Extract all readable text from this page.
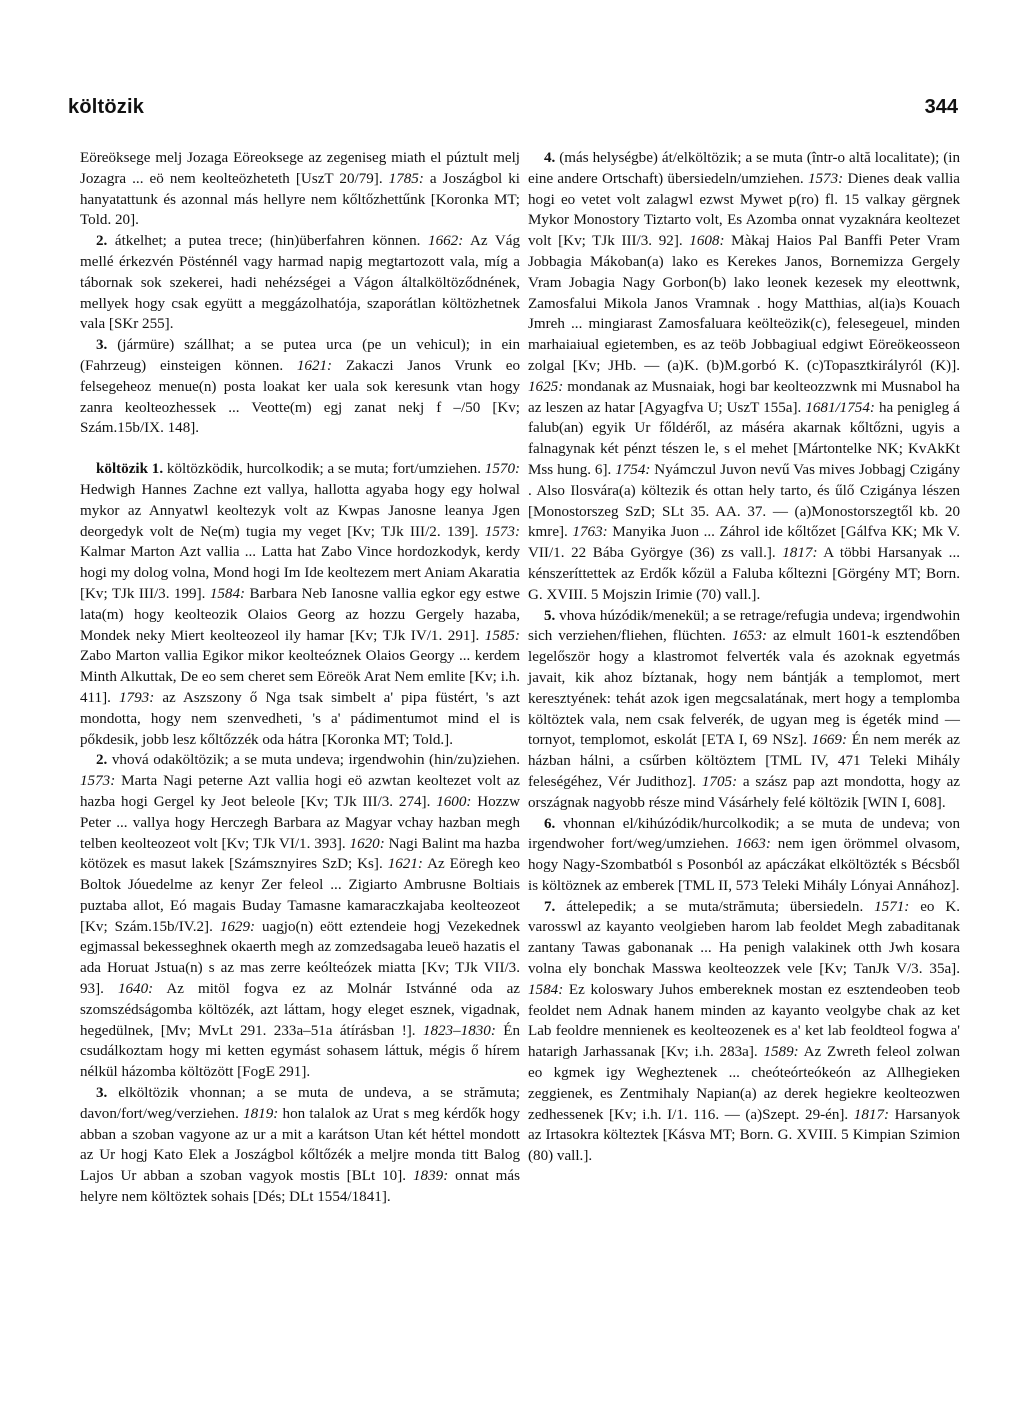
költözik	344

Eöreöksege melj Jozaga Eöreoksege az zegeniseg miath el púztult melj Jozagra ... eö nem keolteözheteth [UszT 20/79]. 1785: a Joszágbol ki hanyatattunk és azonnal más hellyre nem kőltőzhettűnk [Koronka MT; Told. 20].

2. átkelhet; a putea trece; (hin)überfahren können. 1662: Az Vág mellé érkezvén Pösténnél vagy harmad napig megtartozott vala, míg a tábornak sok szekerei, hadi nehézségei a Vágon általköltöződnének, mellyek hogy csak együtt a meggázolhatója, szaporátlan költözhetnek vala [SKr 255].

3. (jármüre) szállhat; a se putea urca (pe un vehicul); in ein (Fahrzeug) einsteigen können. 1621: Zakaczi Janos Vrunk eo felsegeheoz menue(n) posta loakat ker uala sok keresunk vtan hogy zanra keolteozhessek ... Veotte(m) egj zanat nekj f –/50 [Kv; Szám.15b/IX. 148].

költözik 1. költözködik, hurcolkodik; a se muta; fort/umziehen. 1570: Hedwigh Hannes Zachne ezt vallya, hallotta agyaba hogy egy holwal mykor az Annyatwl keoltezyk volt az Kwpas Janosne leanya Jgen deorgedyk volt de Ne(m) tugia my veget [Kv; TJk III/2. 139]. 1573: Kalmar Marton Azt vallia ... Latta hat Zabo Vince hordozkodyk, kerdy hogi my dolog volna, Mond hogi Im Ide keoltezem mert Aniam Akaratia [Kv; TJk III/3. 199]. 1584: Barbara Neb Ianosne vallia egkor egy estwe lata(m) hogy keolteozik Olaios Georg az hozzu Gergely hazaba, Mondek neky Miert keolteozeol ily hamar [Kv; TJk IV/1. 291]. 1585: Zabo Marton vallia Egikor mikor keolteóznek Olaios Georgy ... kerdem Minth Alkuttak, De eo sem cheret sem Eöreök Arat Nem emlite [Kv; i.h. 411]. 1793: az Aszszony ő Nga tsak simbelt a' pipa füstért, 's azt mondotta, hogy nem szenvedheti, 's a' pádimentumot mind el is pőkdesik, jobb lesz kőltőzzék oda hátra [Koronka MT; Told.].

2. vhová odaköltözik; a se muta undeva; irgendwohin (hin/zu)ziehen. 1573: Marta Nagi peterne Azt vallia hogi eö azwtan keoltezet volt az hazba hogi Gergel ky Jeot beleole [Kv; TJk III/3. 274]. 1600: Hozzw Peter ... vallya hogy Herczegh Barbara az Magyar vchay hazban megh telben keolteozeot volt [Kv; TJk VI/1. 393]. 1620: Nagi Balint ma hazba kötözek es masut lakek [Számsznyires SzD; Ks]. 1621: Az Eöregh keo Boltok Jóuedelme az kenyr Zer feleol ... Zigiarto Ambrusne Boltiais puztaba allot, Eó magais Buday Tamasne kamaraczkajaba keolteozeot [Kv; Szám.15b/IV.2]. 1629: uagjo(n) eött eztendeie hogj Vezekednek egjmassal bekesseghnek okaerth megh az zomzedsagaba leueö hazatis el ada Horuat Jstua(n) s az mas zerre keólteózek miatta [Kv; TJk VII/3. 93]. 1640: Az mitöl fogva ez az Molnár Istvánné oda az szomszédságomba költözék, azt láttam, hogy eleget esznek, vigadnak, hegedülnek, [Mv; MvLt 291. 233a–51a átírásban !]. 1823–1830: Én csudálkoztam hogy mi ketten egymást sohasem láttuk, mégis ő hírem nélkül házomba költözött [FogE 291].

3. elköltözik vhonnan; a se muta de undeva, a se strămuta; davon/fort/weg/verziehen. 1819: hon talalok az Urat s meg kérdők hogy abban a szoban vagyone az ur a mit a karátson Utan két héttel mondott az Ur hogj Kato Elek a Joszágbol kőltőzék a meljre monda titt Balog Lajos Ur abban a szoban vagyok mostis [BLt 10]. 1839: onnat más helyre nem költöztek sohais [Dés; DLt 1554/1841].

4. (más helységbe) át/elköltözik; a se muta (într-o altă localitate); (in eine andere Ortschaft) übersiedeln/umziehen. 1573: Dienes deak vallia hogi eo vetet volt zalagwl ezwst Mywet p(ro) fl. 15 valkay gërgnek Mykor Monostory Tiztarto volt, Es Azomba onnat vyzaknára keoltezet volt [Kv; TJk III/3. 92]. 1608: Màkaj Haios Pal Banffi Peter Vram Jobbagia Mákoban(a) lako es Kerekes Janos, Bornemizza Gergely Vram Jobagia Nagy Gorbon(b) lako leonek kezesek my eleottwnk, Zamosfalui Mikola Janos Vramnak . hogy Matthias, al(ia)s Kouach Jmreh ... mingiarast Zamosfaluara keölteözik(c), felesegeuel, minden marhaiaiual egietemben, es az teöb Jobbagiual edgiwt Eöreökeosseon zolgal [Kv; JHb. — (a)K. (b)M.gorbó K. (c)Topasztkirályról (K)]. 1625: mondanak az Musnaiak, hogi bar keolteozzwnk mi Musnabol ha az leszen az hatar [Agyagfva U; UszT 155a]. 1681/1754: ha penigleg á falub(an) egyik Ur főldéről, az máséra akarnak kőltőzni, ugyis a falnagynak két pénzt tészen le, s el mehet [Mártontelke NK; KvAkKt Mss hung. 6]. 1754: Nyámczul Juvon nevű Vas mives Jobbagj Czigány . Also Ilosvára(a) költezik és ottan hely tarto, és űlő Czigánya lészen [Monostorszeg SzD; SLt 35. AA. 37. — (a)Monostorszegtől kb. 20 kmre]. 1763: Manyika Juon ... Záhrol ide kőltőzet [Gálfva KK; Mk V. VII/1. 22 Bába Györgye (36) zs vall.]. 1817: A többi Harsanyak ... kénszeríttettek az Erdők kőzül a Faluba kőltezni [Görgény MT; Born. G. XVIII. 5 Mojszin Irimie (70) vall.].

5. vhova húzódik/menekül; a se retrage/refugia undeva; irgendwohin sich verziehen/fliehen, flüchten. 1653: az elmult 1601-k esztendőben legelőször hogy a klastromot felverték vala és azoknak egyetmás javait, kik ahoz bíztanak, hogy nem bántják a templomot, mert keresztyének: tehát azok igen megcsalatának, mert hogy a templomba költöztek vala, nem csak felverék, de ugyan meg is égeték mind — tornyot, templomot, eskolát [ETA I, 69 NSz]. 1669: Én nem merék az házban hálni, a csűrben költöztem [TML IV, 471 Teleki Mihály feleségéhez, Vér Judithoz]. 1705: a szász pap azt mondotta, hogy az országnak nagyobb része mind Vásárhely felé költözik [WIN I, 608].

6. vhonnan el/kihúzódik/hurcolkodik; a se muta de undeva; von irgendwoher fort/weg/umziehen. 1663: nem igen örömmel olvasom, hogy Nagy-Szombatból s Posonból az apáczákat elköltözték s Bécsből is költöznek az emberek [TML II, 573 Teleki Mihály Lónyai Annához].

7. áttelepedik; a se muta/strămuta; übersiedeln. 1571: eo K. varosswl az kayanto veolgieben harom lab feoldet Megh zabaditanak zantany Tawas gabonanak ... Ha penigh valakinek otth Jwh kosara volna ely bonchak Masswa keolteozzek vele [Kv; TanJk V/3. 35a]. 1584: Ez koloswary Juhos embereknek mostan ez esztendeoben teob feoldet nem Adnak hanem minden az kayanto veolgybe chak az ket Lab feoldre mennienek es keolteozenek es a' ket lab feoldteol fogwa a' hatarigh Jarhassanak [Kv; i.h. 283a]. 1589: Az Zwreth feleol zolwan eo kgmek igy Wegheztenek ... cheóteórteókeón az Allhegieken zeggienek, es Zentmihaly Napian(a) az derek hegiekre keolteozwen zedhessenek [Kv; i.h. I/1. 116. — (a)Szept. 29-én]. 1817: Harsanyok az Irtasokra költeztek [Kásva MT; Born. G. XVIII. 5 Kimpian Szimion (80) vall.].
